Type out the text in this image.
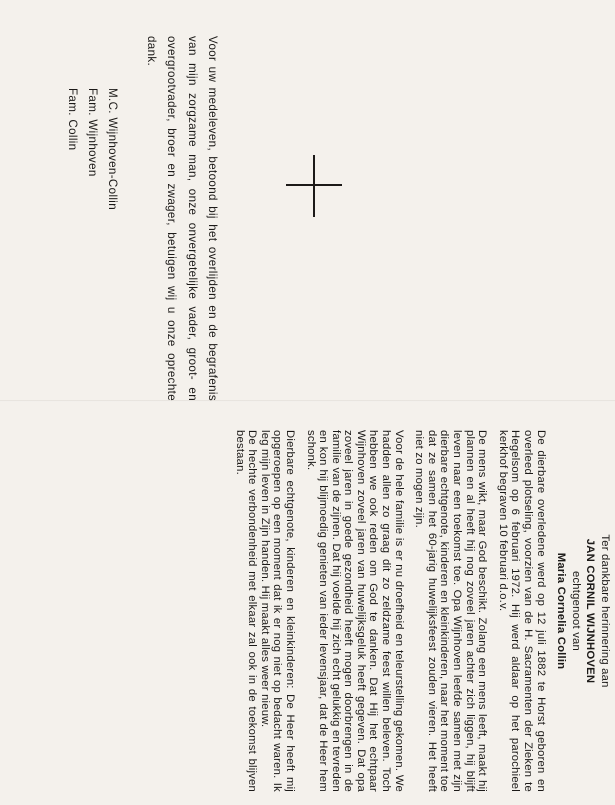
Voor uw medeleven, betoond bij het overlijden en de begrafenis van mijn zorgzame man, onze onvergetelijke vader, groot- en overgrootvader, broer en zwager, betuigen wij u onze oprechte dank.

M.C. Wijnhoven-Collin
Fam. Wijnhoven
Fam. Collin

Ter dankbare herinnering aan

JAN CORNIL WIJNHOVEN

echtgenoot van

Maria Cornelia Collin

De dierbare overledene werd op 12 juli 1882 te Horst geboren en overleed plotseling, voorzien van de H. Sacramenten der Zieken te Hegelsom op 6 februari 1972. Hij werd aldaar op het parochieel kerkhof begraven 10 februari d.o.v.

De mens wikt, maar God beschikt. Zolang een mens leeft, maakt hij plannen en al heeft hij nog zoveel jaren achter zich liggen, hij blijft leven naar een toekomst toe. Opa Wijnhoven leefde samen met zijn dierbare echtgenote, kinderen en kleinkinderen, naar het moment toe dat ze samen het 60-jarig huwelijksfeest zouden vieren. Het heeft niet zo mogen zijn.

Voor de hele familie is er nu droefheid en teleurstelling gekomen. We hadden allen zo graag dit zo zeldzame feest willen beleven. Toch hebben we ook reden om God te danken. Dat Hij het echtpaar Wijnhoven zoveel jaren van huwelijksgeluk heeft gegeven. Dat opa zoveel jaren in goede gezondheid heeft mogen doorbrengen in de familie van de zijnen. Dat hij voelde hij zich echt gelukkig en tevreden en kon hij blijmoedig genieten van ieder levensjaar, dat de Heer hem schonk.

Dierbare echtgenote, kinderen en kleinkinderen: De Heer heeft mij opgeroepen op een moment dat ik er nog niet op bedacht waren. Ik leg mijn leven in Zijn handen. Hij maakt alles weer nieuw.

De hechte verbondenheid met elkaar zal ook in de toekomst blijven bestaan.
